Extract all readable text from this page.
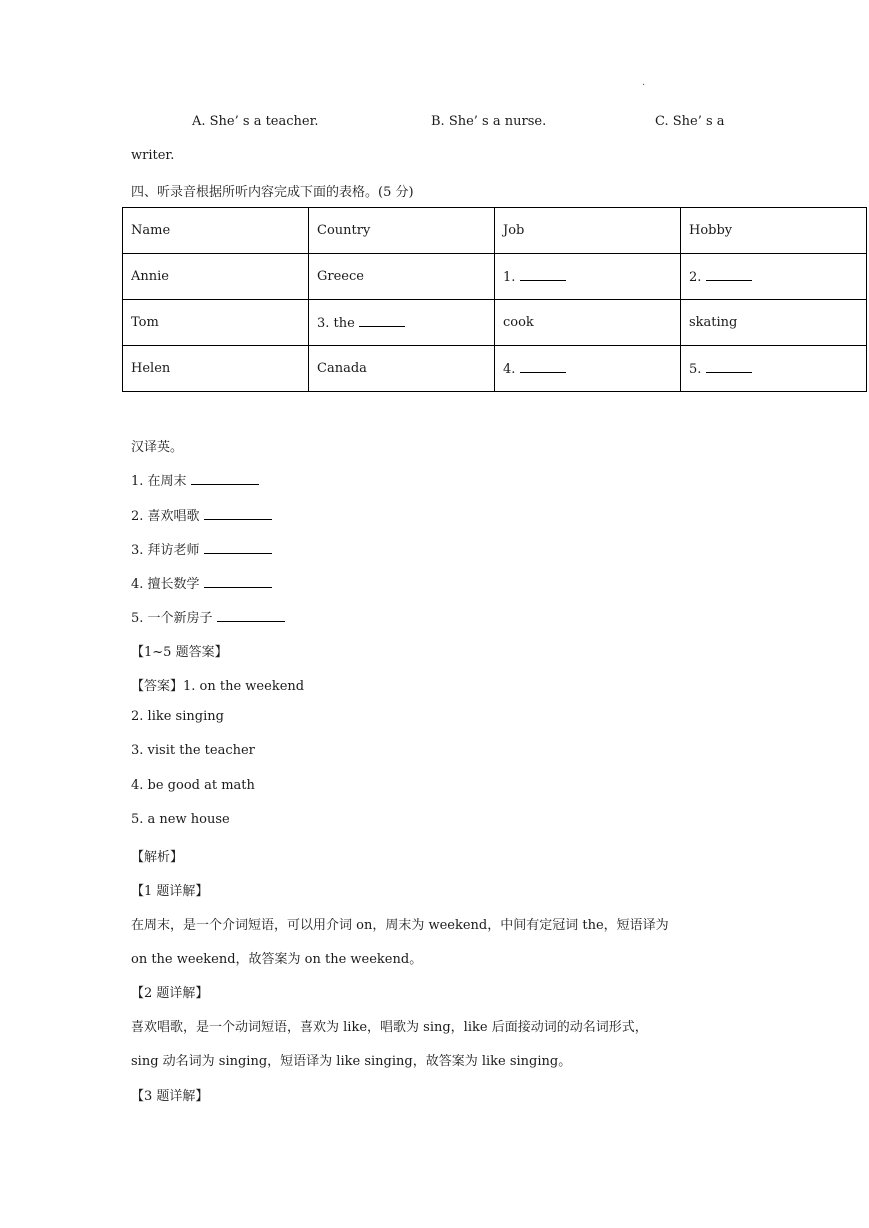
·
A. She’ s a teacher.	B. She’ s a nurse.	C. She’ s a
writer.
四、听录音根据所听内容完成下面的表格。(5 分)
Name	Country	Job	Hobby
Annie	Greece	1.	2.
Tom	3. the	cook	skating
Helen	Canada	4.	5.
汉译英。
1. 在周末
2. 喜欢唱歌
3. 拜访老师
4. 擅长数学
5. 一个新房子
【1~5 题答案】
【答案】1. on the weekend
2. like singing
3. visit the teacher
4. be good at math
5. a new house
【解析】
【1 题详解】
在周末，是一个介词短语，可以用介词 on，周末为 weekend，中间有定冠词 the，短语译为
on the weekend，故答案为 on the weekend。
【2 题详解】
喜欢唱歌，是一个动词短语，喜欢为 like，唱歌为 sing，like 后面接动词的动名词形式，
sing 动名词为 singing，短语译为 like singing，故答案为 like singing。
【3 题详解】
